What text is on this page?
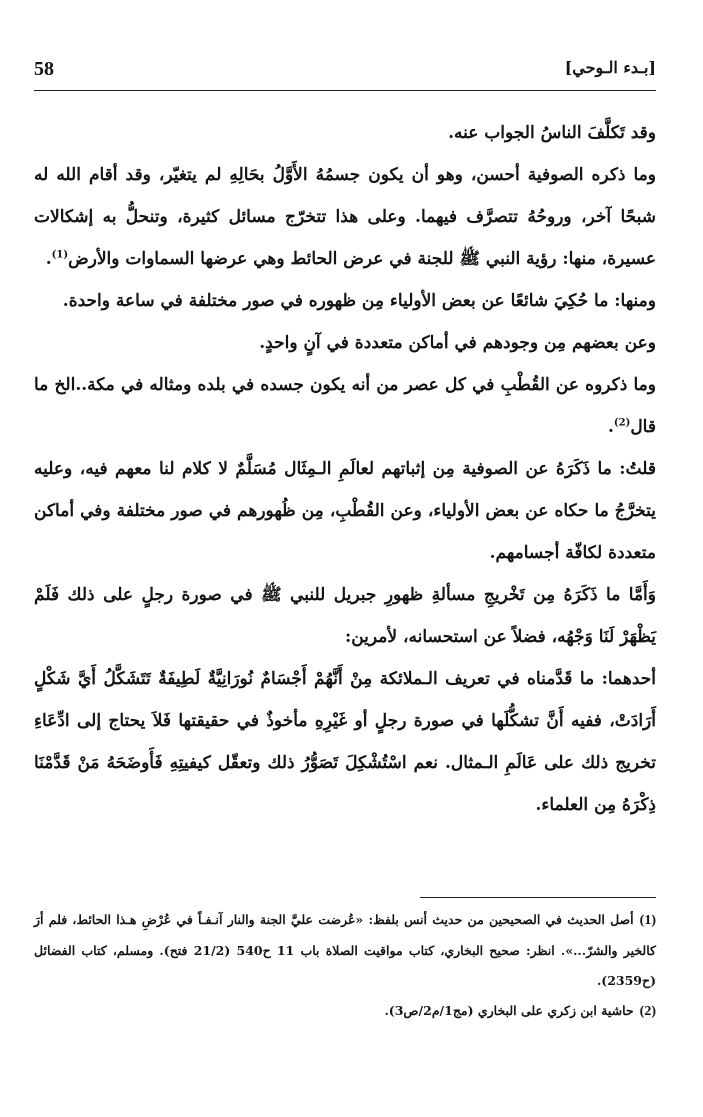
58	[بـدء الـوحي]

وقد تَكلَّفَ الناسُ الجواب عنه.

وما ذكره الصوفية أحسن، وهو أن يكون جسمُهُ الأَوَّلُ بحَالِهِ لم يتغيّر، وقد أقام الله له شبحًا آخر، وروحُهُ تتصرَّف فيهما. وعلى هذا تتخرّج مسائل كثيرة، وتنحلُّ به إشكالات عسيرة، منها: رؤية النبي ﷺ للجنة في عرض الحائط وهي عرضها السماوات والأرض$^{(1)}$.

ومنها: ما حُكِيَ شائعًا عن بعض الأولياء مِن ظهوره في صور مختلفة في ساعة واحدة.

وعن بعضهم مِن وجودهم في أماكن متعددة في آنٍ واحدٍ.

وما ذكروه عن القُطْبِ في كل عصر من أنه يكون جسده في بلده ومثاله في مكة..الخ ما قال$^{(2)}$.

قلتُ: ما ذَكَرَهُ عن الصوفية مِن إثباتهم لعالَمِ الـمِثَال مُسَلَّمٌ لا كلام لنا معهم فيه، وعليه يتخرَّجُ ما حكاه عن بعض الأولياء، وعن القُطْبِ، مِن ظُهورهم في صور مختلفة وفي أماكن متعددة لكافّة أجسامهم.

وَأَمَّا ما ذَكَرَهُ مِن تَخْريجِ مسألةِ ظهورِ جبريل للنبي ﷺ في صورة رجلٍ على ذلك فَلَمْ يَظْهَرْ لَنَا وَجْهُه، فضلاً عن استحسانه، لأمرين:

أحدهما: ما قَدَّمناه في تعريف الـملائكة مِنْ أَنَّهُمْ أَجْسَامٌ نُورَانِيَّةٌ لَطِيفَةٌ تَتَشَكَّلُ أَيَّ شَكْلٍ أَرَادَتْ، ففيه أَنَّ تشكُّلَها في صورة رجلٍ أو غَيْرِهِ مأخوذٌ في حقيقتها فَلاَ يحتاج إلى ادِّعَاءِ تخريج ذلك على عَالَمِ الـمثال. نعم اسْتُشْكِلَ تَصَوُّرُ ذلك وتعقّل كيفيتِهِ فَأَوضَحَهُ مَنْ قَدَّمْنَا ذِكْرَهُ مِن العلماء.

(1)أصل الحديث في الصحيحين من حديث أنس بلفظ: «عُرضت عليَّ الجنة والنار آنـفـاً في عُرْضِ هـذا الحائط، فلم أرَ كالخير والشرّ...». انظر: صحيح البخاري، كتاب مواقيت الصلاة باب 11 ح540 (21/2 فتح). ومسلم، كتاب الفضائل (ح2359).

(2)حاشية ابن زكري على البخاري (مج1/م2/ص3).
